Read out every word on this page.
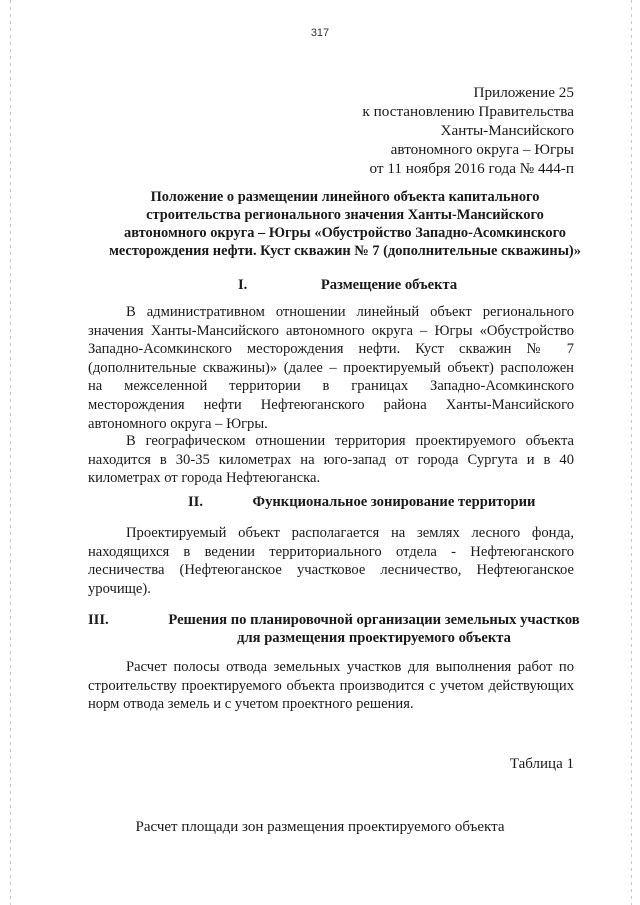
317
Приложение 25
к постановлению Правительства
Ханты-Мансийского
автономного округа – Югры
от 11 ноября 2016 года № 444-п
Положение о размещении линейного объекта капитального
строительства регионального значения Ханты-Мансийского
автономного округа – Югры «Обустройство Западно-Асомкинского
месторождения нефти. Куст скважин № 7 (дополнительные скважины)»
I.	Размещение объекта

В административном отношении линейный объект регионального значения Ханты-Мансийского автономного округа – Югры «Обустройство Западно-Асомкинского месторождения нефти. Куст скважин № 7 (дополнительные скважины)» (далее – проектируемый объект) расположен на межселенной территории в границах Западно-Асомкинского месторождения нефти Нефтеюганского района Ханты-Мансийского автономного округа – Югры.

В географическом отношении территория проектируемого объекта находится в 30-35 километрах на юго-запад от города Сургута и в 40 километрах от города Нефтеюганска.

II.	Функциональное зонирование территории

Проектируемый объект располагается на землях лесного фонда, находящихся в ведении территориального отдела - Нефтеюганского лесничества (Нефтеюганское участковое лесничество, Нефтеюганское урочище).

III.	Решения по планировочной организации земельных участков
для размещения проектируемого объекта

Расчет полосы отвода земельных участков для выполнения работ по строительству проектируемого объекта производится с учетом действующих норм отвода земель и с учетом проектного решения.

Таблица 1
Расчет площади зон размещения проектируемого объекта
